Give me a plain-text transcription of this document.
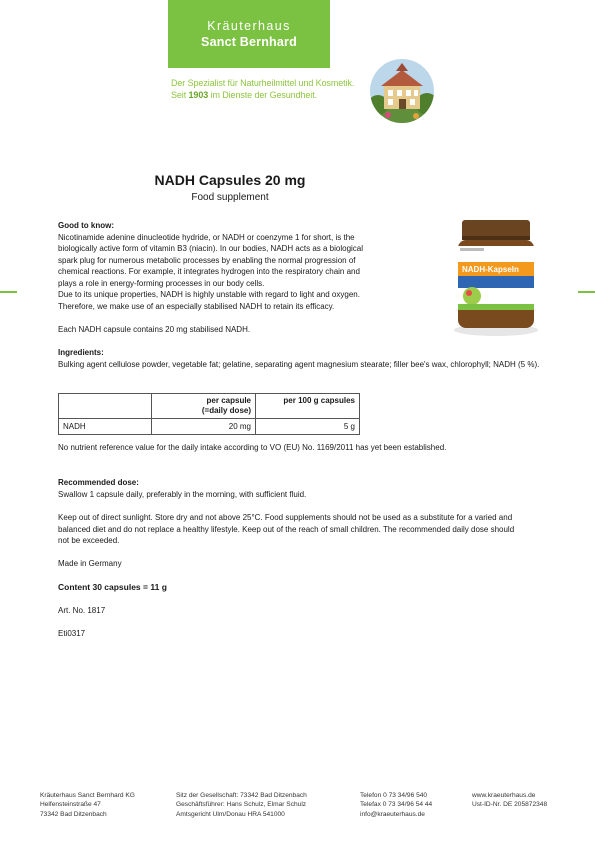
Kräuterhaus
Sanct Bernhard
Der Spezialist für Naturheilmittel und Kosmetik.
Seit 1903 im Dienste der Gesundheit.
NADH Capsules 20 mg
Food supplement
NADH-Kapseln
Good to know:
Nicotinamide adenine dinucleotide hydride, or NADH or coenzyme 1 for short, is the
biologically active form of vitamin B3 (niacin). In our bodies, NADH acts as a biological
spark plug for numerous metabolic processes by enabling the normal progression of
chemical reactions. For example, it integrates hydrogen into the respiratory chain and
plays a role in energy-forming processes in our body cells.
Due to its unique properties, NADH is highly unstable with regard to light and oxygen.
Therefore, we make use of an especially stabilised NADH to retain its efficacy.
Each NADH capsule contains 20 mg stabilised NADH.
Ingredients:
Bulking agent cellulose powder, vegetable fat; gelatine, separating agent magnesium stearate; filler bee's wax, chlorophyll; NADH (5 %).
	per capsule
(=daily dose)	per 100 g capsules
NADH	20 mg	5 g
No nutrient reference value for the daily intake according to VO (EU) No. 1169/2011 has yet been established.
Recommended dose:
Swallow 1 capsule daily, preferably in the morning, with sufficient fluid.
Keep out of direct sunlight. Store dry and not above 25°C. Food supplements should not be used as a substitute for a varied and
balanced diet and do not replace a healthy lifestyle. Keep out of the reach of small children. The recommended daily dose should
not be exceeded.
Made in Germany
Content 30 capsules = 11 g
Art. No. 1817
Eti0317
Kräuterhaus Sanct Bernhard KG
Helfensteinstraße 47
73342 Bad Ditzenbach
Sitz der Gesellschaft: 73342 Bad Ditzenbach
Geschäftsführer: Hans Schulz, Elmar Schulz
Amtsgericht Ulm/Donau HRA 541000
Telefon 0 73 34/96 540
Telefax 0 73 34/96 54 44
info@kraeuterhaus.de
www.kraeuterhaus.de
Ust-ID-Nr. DE 205872348
